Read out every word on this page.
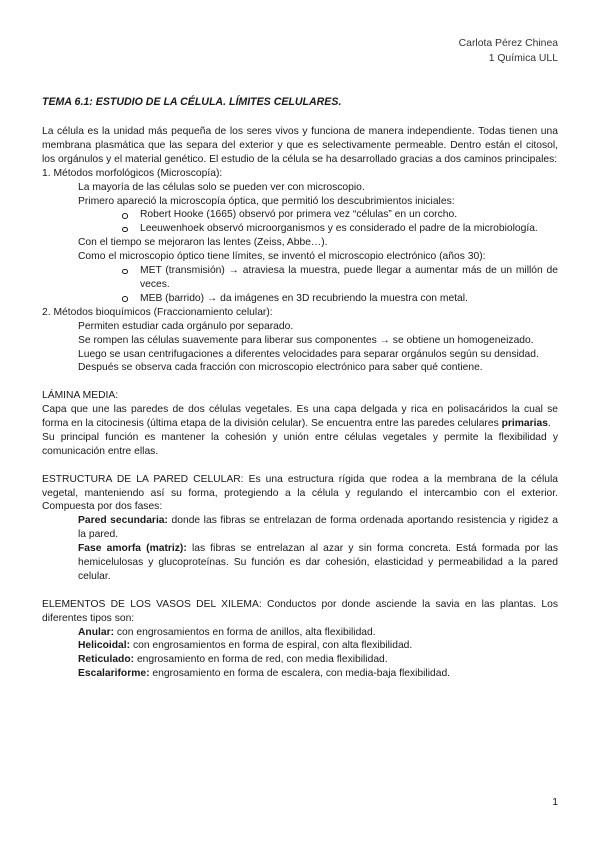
Carlota Pérez Chinea
1 Química ULL
TEMA 6.1: ESTUDIO DE LA CÉLULA. LÍMITES CELULARES.

La célula es la unidad más pequeña de los seres vivos y funciona de manera independiente. Todas tienen una membrana plasmática que las separa del exterior y que es selectivamente permeable. Dentro están el citosol, los orgánulos y el material genético. El estudio de la célula se ha desarrollado gracias a dos caminos principales:

1. Métodos morfológicos (Microscopía):

La mayoría de las células solo se pueden ver con microscopio.
Primero apareció la microscopía óptica, que permitió los descubrimientos iniciales:
Robert Hooke (1665) observó por primera vez “células” en un corcho.
Leeuwenhoek observó microorganismos y es considerado el padre de la microbiología.
Con el tiempo se mejoraron las lentes (Zeiss, Abbe…).
Como el microscopio óptico tiene límites, se inventó el microscopio electrónico (años 30):
MET (transmisión) → atraviesa la muestra, puede llegar a aumentar más de un millón de veces.
MEB (barrido) → da imágenes en 3D recubriendo la muestra con metal.

2. Métodos bioquímicos (Fraccionamiento celular):

Permiten estudiar cada orgánulo por separado.
Se rompen las células suavemente para liberar sus componentes → se obtiene un homogeneizado.
Luego se usan centrifugaciones a diferentes velocidades para separar orgánulos según su densidad.
Después se observa cada fracción con microscopio electrónico para saber qué contiene.

LÁMINA MEDIA:

Capa que une las paredes de dos células vegetales. Es una capa delgada y rica en polisacáridos la cual se forma en la citocinesis (última etapa de la división celular). Se encuentra entre las paredes celulares primarias.

Su principal función es mantener la cohesión y unión entre células vegetales y permite la flexibilidad y comunicación entre ellas.

ESTRUCTURA DE LA PARED CELULAR: Es una estructura rígida que rodea a la membrana de la célula vegetal, manteniendo así su forma, protegiendo a la célula y regulando el intercambio con el exterior. Compuesta por dos fases:

Pared secundaria: donde las fibras se entrelazan de forma ordenada aportando resistencia y rigidez a la pared.
Fase amorfa (matriz): las fibras se entrelazan al azar y sin forma concreta. Está formada por las hemicelulosas y glucoproteínas. Su función es dar cohesión, elasticidad y permeabilidad a la pared celular.

ELEMENTOS DE LOS VASOS DEL XILEMA: Conductos por donde asciende la savia en las plantas. Los diferentes tipos son:

Anular: con engrosamientos en forma de anillos, alta flexibilidad.
Helicoidal: con engrosamientos en forma de espiral, con alta flexibilidad.
Reticulado: engrosamiento en forma de red, con media flexibilidad.
Escalariforme: engrosamiento en forma de escalera, con media-baja flexibilidad.
1
